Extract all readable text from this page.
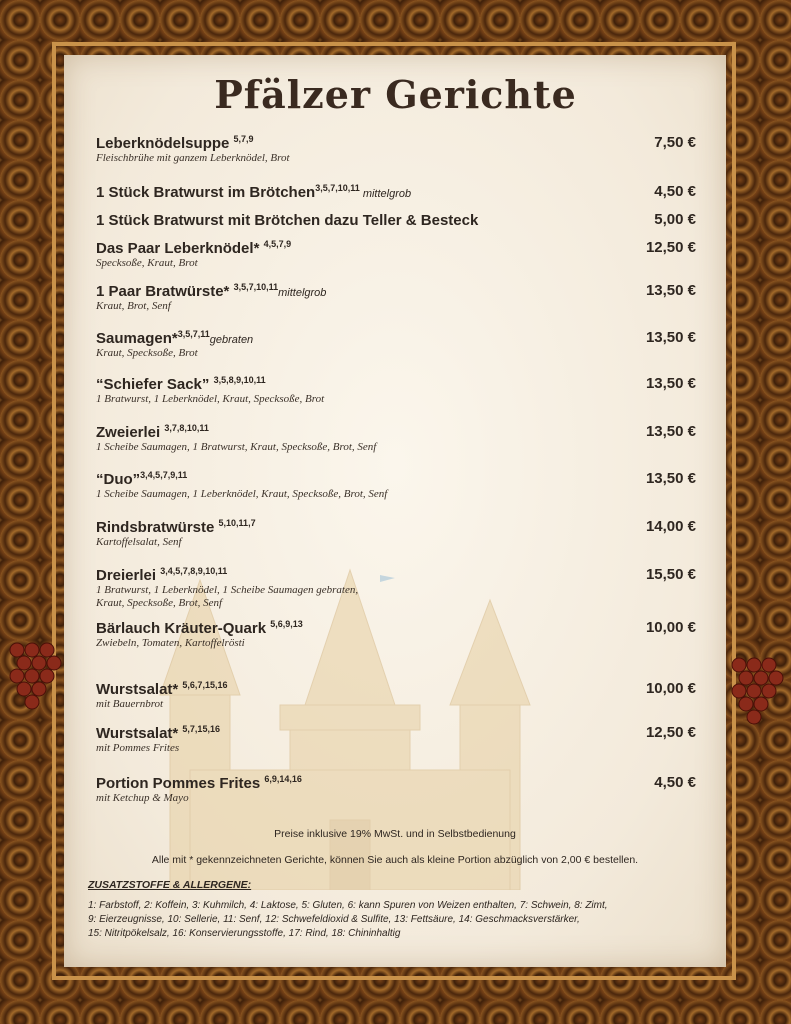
Pfälzer Gerichte
Leberknödelsuppe $^{5,7,9}$
Fleischbrühe mit ganzem Leberknödel, Brot
7,50 €
1 Stück Bratwurst im Brötchen$^{3,5,7,10,11}$ mittelgrob	4,50 €
1 Stück Bratwurst mit Brötchen dazu Teller & Besteck	5,00 €
Das Paar Leberknödel* $^{4,5,7,9}$
Specksoße, Kraut, Brot
12,50 €
1 Paar Bratwürste* $^{3,5,7,10,11}$mittelgrob
Kraut, Brot, Senf
13,50 €
Saumagen*$^{3,5,7,11}$gebraten
Kraut, Specksoße, Brot
13,50 €
“Schiefer Sack” $^{3,5,8,9,10,11}$
1 Bratwurst, 1 Leberknödel, Kraut, Specksoße, Brot
13,50 €
Zweierlei $^{3,7,8,10,11}$
1 Scheibe Saumagen, 1 Bratwurst, Kraut, Specksoße, Brot, Senf
13,50 €
“Duo”$^{3,4,5,7,9,11}$
1 Scheibe Saumagen, 1 Leberknödel, Kraut, Specksoße, Brot, Senf
13,50 €
Rindsbratwürste $^{5,10,11,7}$
Kartoffelsalat, Senf
14,00 €
Dreierlei $^{3,4,5,7,8,9,10,11}$
1 Bratwurst, 1 Leberknödel, 1 Scheibe Saumagen gebraten,
Kraut, Specksoße, Brot, Senf
15,50 €
Bärlauch Kräuter-Quark $^{5,6,9,13}$
Zwiebeln, Tomaten, Kartoffelrösti
10,00 €
Wurstsalat* $^{5,6,7,15,16}$
mit Bauernbrot
10,00 €
Wurstsalat* $^{5,7,15,16}$
mit Pommes Frites
12,50 €
Portion Pommes Frites $^{6,9,14,16}$
mit Ketchup & Mayo
4,50 €
Preise inklusive 19% MwSt. und in Selbstbedienung
Alle mit * gekennzeichneten Gerichte, können Sie auch als kleine Portion abzüglich von 2,00 € bestellen.
ZUSATZSTOFFE & ALLERGENE:
1: Farbstoff, 2: Koffein, 3: Kuhmilch, 4: Laktose, 5: Gluten, 6: kann Spuren von Weizen enthalten, 7: Schwein, 8: Zimt,
9: Eierzeugnisse, 10: Sellerie, 11: Senf, 12: Schwefeldioxid & Sulfite, 13: Fettsäure, 14: Geschmacksverstärker,
15: Nitritpökelsalz, 16: Konservierungsstoffe, 17: Rind, 18: Chininhaltig
